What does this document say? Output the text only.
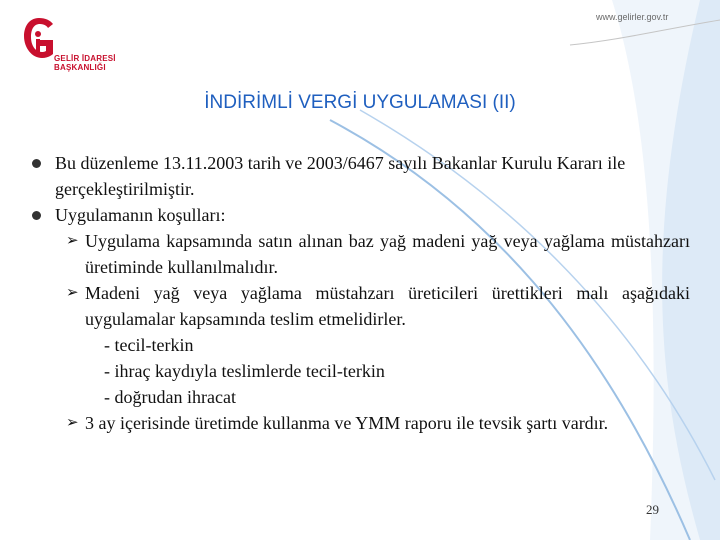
GELİR İDARESİ
BAŞKANLIĞI
www.gelirler.gov.tr
İNDİRİMLİ VERGİ UYGULAMASI (II)
Bu düzenleme 13.11.2003 tarih ve 2003/6467 sayılı Bakanlar Kurulu Kararı ile gerçekleştirilmiştir.
Uygulamanın koşulları:
➢ Uygulama kapsamında satın alınan baz yağ madeni yağ veya yağlama müstahzarı üretiminde kullanılmalıdır.
➢ Madeni yağ veya yağlama müstahzarı üreticileri ürettikleri malı aşağıdaki uygulamalar kapsamında teslim etmelidirler.
- tecil-terkin
- ihraç kaydıyla teslimlerde tecil-terkin
- doğrudan ihracat
➢ 3 ay içerisinde üretimde kullanma ve YMM raporu ile tevsik şartı vardır.
29
